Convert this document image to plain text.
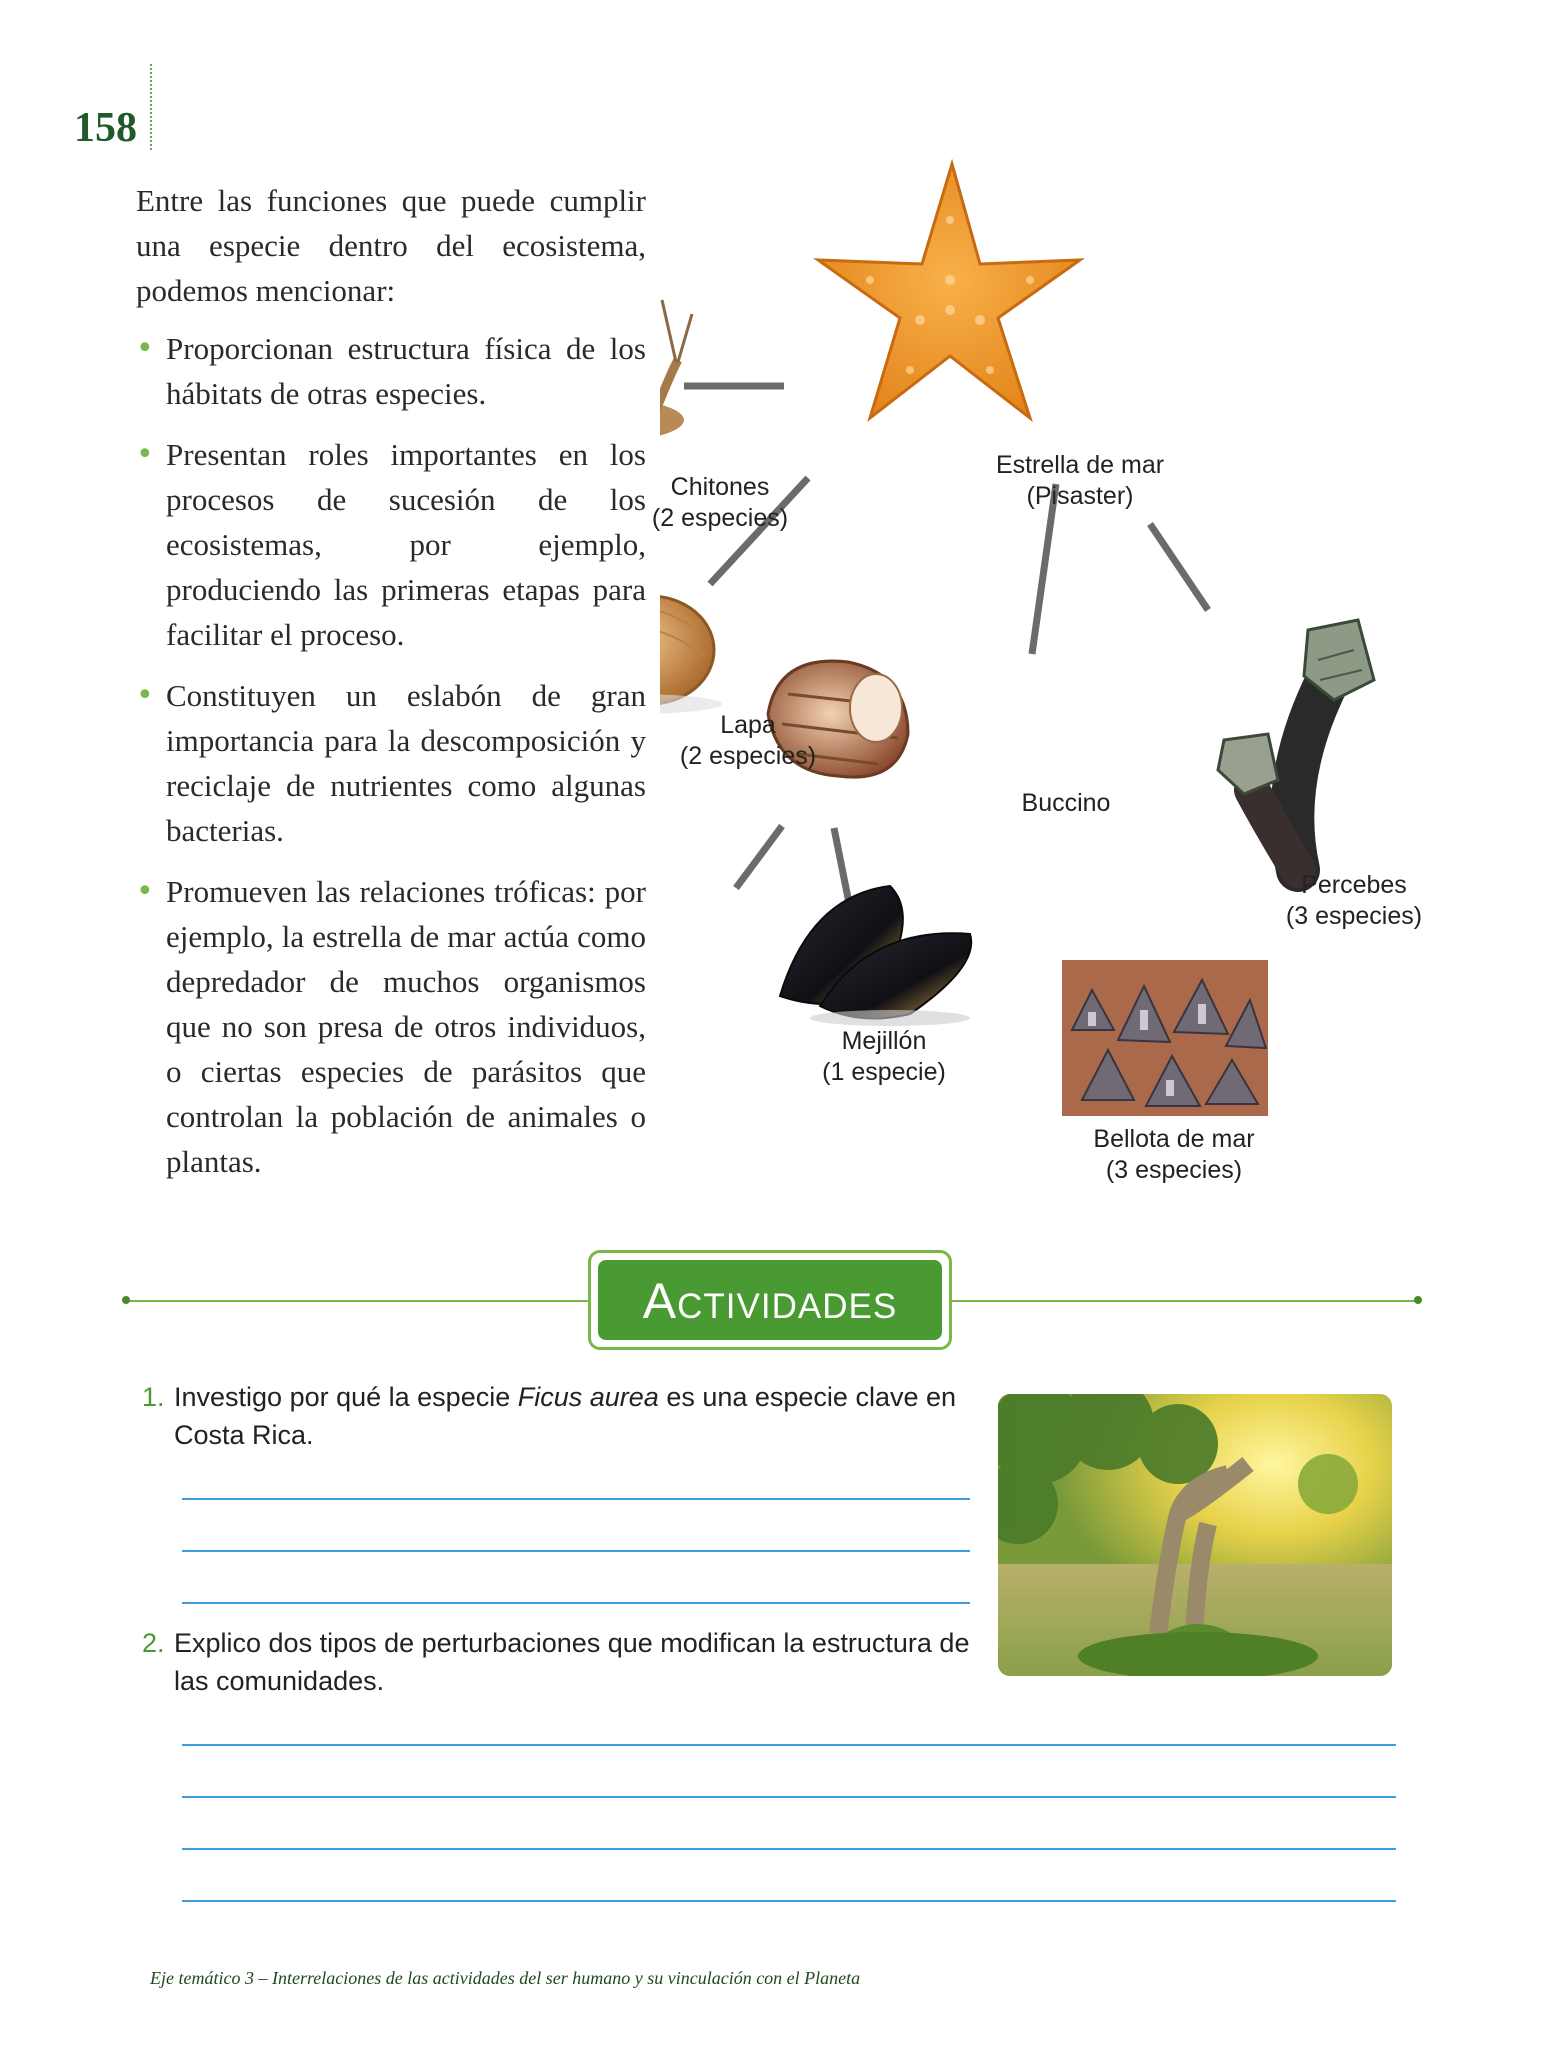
158

Entre las funciones que puede cumplir una especie dentro del ecosistema, podemos mencionar:

• Proporcionan estructura física de los hábitats de otras especies.
• Presentan roles importantes en los procesos de sucesión de los ecosistemas, por ejemplo, produciendo las primeras etapas para facilitar el proceso.
• Constituyen un eslabón de gran importancia para la descomposición y reciclaje de nutrientes como algunas bacterias.
• Promueven las relaciones tróficas: por ejemplo, la estrella de mar actúa como depredador de muchos organismos que no son presa de otros individuos, o ciertas especies de parásitos que controlan la población de animales o plantas.
Estrella de mar
(Pisaster)
Chitones
(2 especies)
Lapa
(2 especies)
Buccino
Percebes
(3 especies)
Mejillón
(1 especie)
Bellota de mar
(3 especies)
Actividades
1. Investigo por qué la especie Ficus aurea es una especie clave en Costa Rica.
2. Explico dos tipos de perturbaciones que modifican la estructura de las comunidades.
Eje temático 3 – Interrelaciones de las actividades del ser humano y su vinculación con el Planeta
